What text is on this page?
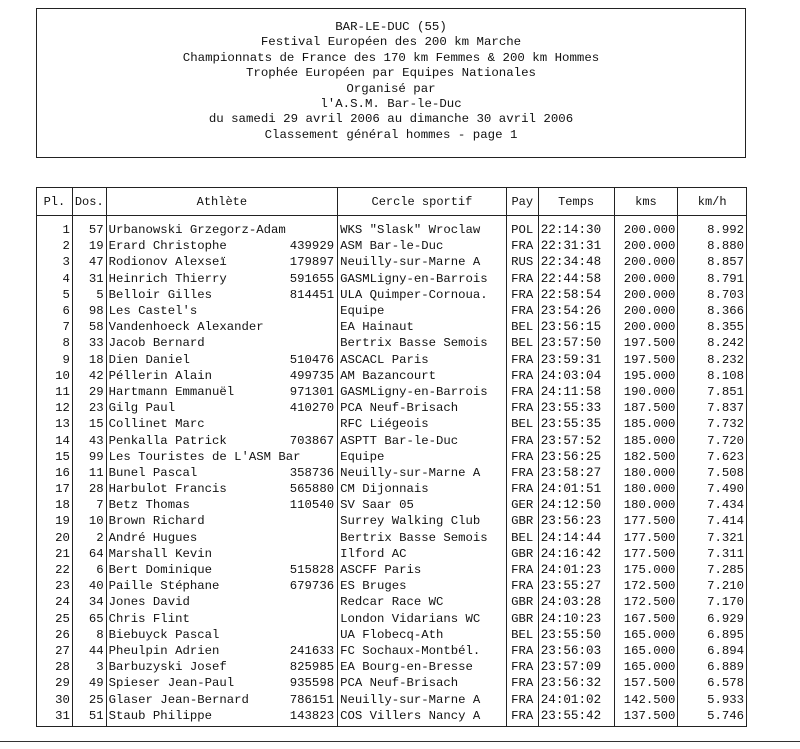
BAR-LE-DUC (55)
Festival Européen des 200 km Marche
Championnats de France des 170 km Femmes & 200 km Hommes
Trophée Européen par Equipes Nationales
Organisé par
l'A.S.M. Bar-le-Duc
du samedi 29 avril 2006 au dimanche 30 avril 2006
Classement général hommes - page 1
Pl.	Dos.	Athlète	Cercle sportif	Pay	Temps	kms	km/h
1	57	Urbanowski Grzegorz-Adam	WKS "Slask" Wroclaw	POL	22:14:30	200.000	8.992
2	19	Erard Christophe 439929	ASM Bar-le-Duc	FRA	22:31:31	200.000	8.880
3	47	Rodionov Alexseï 179897	Neuilly-sur-Marne A	RUS	22:34:48	200.000	8.857
4	31	Heinrich Thierry 591655	GASMLigny-en-Barrois	FRA	22:44:58	200.000	8.791
5	5	Belloir Gilles 814451	ULA Quimper-Cornoua.	FRA	22:58:54	200.000	8.703
6	98	Les Castel's	Equipe	FRA	23:54:26	200.000	8.366
7	58	Vandenhoeck Alexander	EA Hainaut	BEL	23:56:15	200.000	8.355
8	33	Jacob Bernard	Bertrix Basse Semois	BEL	23:57:50	197.500	8.242
9	18	Dien Daniel 510476	ASCACL Paris	FRA	23:59:31	197.500	8.232
10	42	Péllerin Alain 499735	AM Bazancourt	FRA	24:03:04	195.000	8.108
11	29	Hartmann Emmanuël 971301	GASMLigny-en-Barrois	FRA	24:11:58	190.000	7.851
12	23	Gilg Paul 410270	PCA Neuf-Brisach	FRA	23:55:33	187.500	7.837
13	15	Collinet Marc	RFC Liégeois	BEL	23:55:35	185.000	7.732
14	43	Penkalla Patrick 703867	ASPTT Bar-le-Duc	FRA	23:57:52	185.000	7.720
15	99	Les Touristes de L'ASM Bar	Equipe	FRA	23:56:25	182.500	7.623
16	11	Bunel Pascal 358736	Neuilly-sur-Marne A	FRA	23:58:27	180.000	7.508
17	28	Harbulot Francis 565880	CM Dijonnais	FRA	24:01:51	180.000	7.490
18	7	Betz Thomas 110540	SV Saar 05	GER	24:12:50	180.000	7.434
19	10	Brown Richard	Surrey Walking Club	GBR	23:56:23	177.500	7.414
20	2	André Hugues	Bertrix Basse Semois	BEL	24:14:44	177.500	7.321
21	64	Marshall Kevin	Ilford AC	GBR	24:16:42	177.500	7.311
22	6	Bert Dominique 515828	ASCFF Paris	FRA	24:01:23	175.000	7.285
23	40	Paille Stéphane 679736	ES Bruges	FRA	23:55:27	172.500	7.210
24	34	Jones David	Redcar Race WC	GBR	24:03:28	172.500	7.170
25	65	Chris Flint	London Vidarians WC	GBR	24:10:23	167.500	6.929
26	8	Biebuyck Pascal	UA Flobecq-Ath	BEL	23:55:50	165.000	6.895
27	44	Pheulpin Adrien 241633	FC Sochaux-Montbél.	FRA	23:56:03	165.000	6.894
28	3	Barbuzyski Josef 825985	EA Bourg-en-Bresse	FRA	23:57:09	165.000	6.889
29	49	Spieser Jean-Paul 935598	PCA Neuf-Brisach	FRA	23:56:32	157.500	6.578
30	25	Glaser Jean-Bernard 786151	Neuilly-sur-Marne A	FRA	24:01:02	142.500	5.933
31	51	Staub Philippe 143823	COS Villers Nancy A	FRA	23:55:42	137.500	5.746
